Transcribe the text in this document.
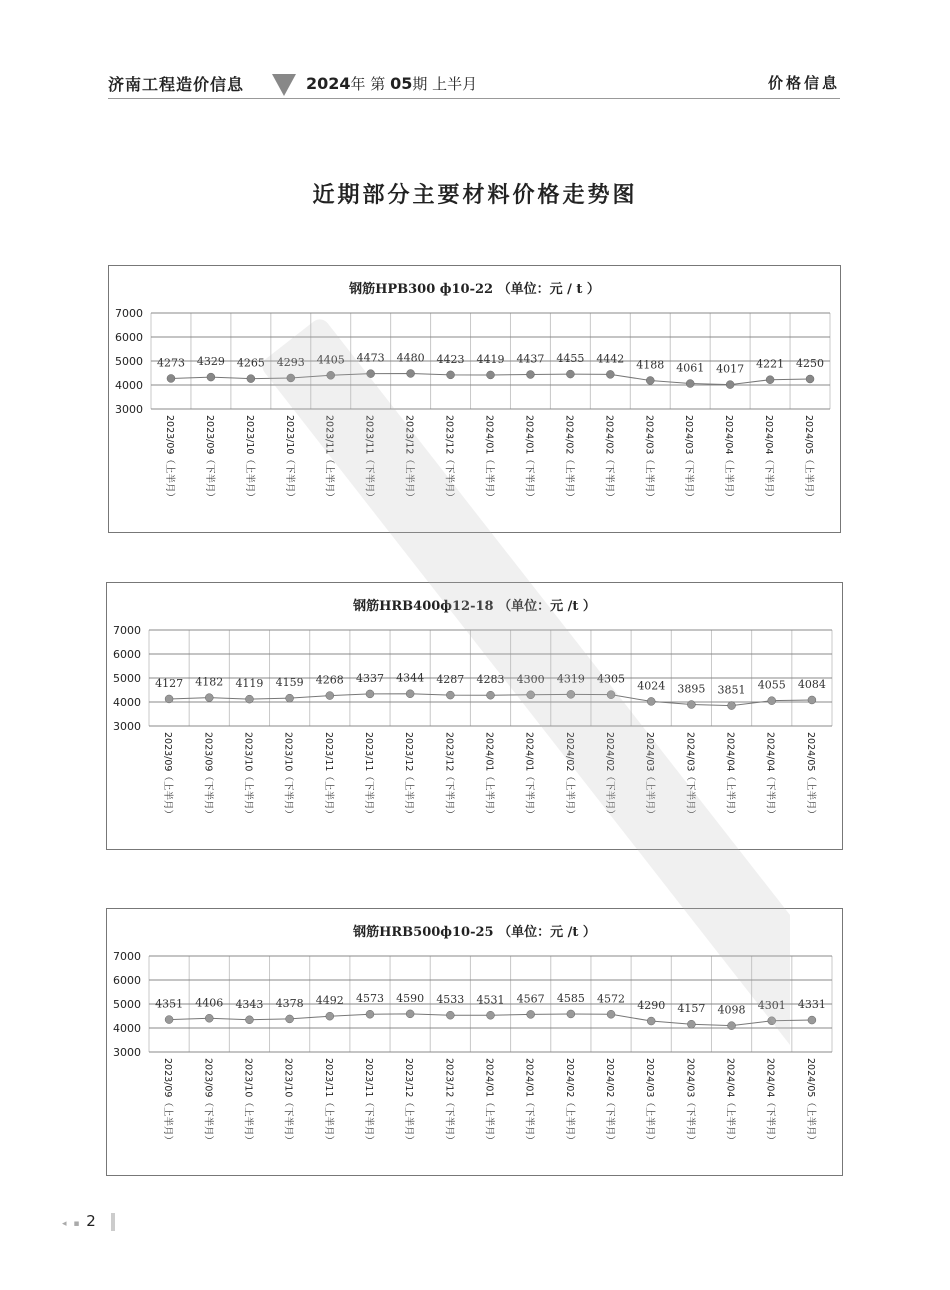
济南工程造价信息	2024年 第 05期 上半月	价格信息
近期部分主要材料价格走势图
钢筋HPB300 ф10-22 （单位：元 / t ）
3000
4000
5000
6000
7000
4273 4329 4265 4293 4405 4473 4480 4423 4419 4437 4455 4442 4188 4061 4017 4221 4250
2023/09（上半月）	2023/09（下半月）	2023/10（上半月）	2023/10（下半月）	2023/11（上半月）	2023/11（下半月）	2023/12（上半月）	2023/12（下半月）	2024/01（上半月）	2024/01（下半月）	2024/02（上半月）	2024/02（下半月）	2024/03（上半月）	2024/03（下半月）	2024/04（上半月）	2024/04（下半月）	2024/05（上半月）
钢筋HRB400ф12-18 （单位：元 /t ）
3000
4000
5000
6000
7000
4127 4182 4119 4159 4268 4337 4344 4287 4283 4300 4319 4305
4024 3895 3851 4055 4084
2023/09（上半月）	2023/09（下半月）	2023/10（上半月）	2023/10（下半月）	2023/11（上半月）	2023/11（下半月）	2023/12（上半月）	2023/12（下半月）	2024/01（上半月）	2024/01（下半月）	2024/02（上半月）	2024/02（下半月）	2024/03（上半月）	2024/03（下半月）	2024/04（上半月）	2024/04（下半月）	2024/05（上半月）
钢筋HRB500ф10-25 （单位：元 /t ）
3000
4000
5000
6000
7000
4351 4406 4343 4378 4492 4573 4590 4533 4531 4567 4585 4572
4290 4157 4098 4301 4331
2023/09（上半月）	2023/09（下半月）	2023/10（上半月）	2023/10（下半月）	2023/11（上半月）	2023/11（下半月）	2023/12（上半月）	2023/12（下半月）	2024/01（上半月）	2024/01（下半月）	2024/02（上半月）	2024/02（下半月）	2024/03（上半月）	2024/03（下半月）	2024/04（上半月）	2024/04（下半月）	2024/05（上半月）
◂ ▪ 2
